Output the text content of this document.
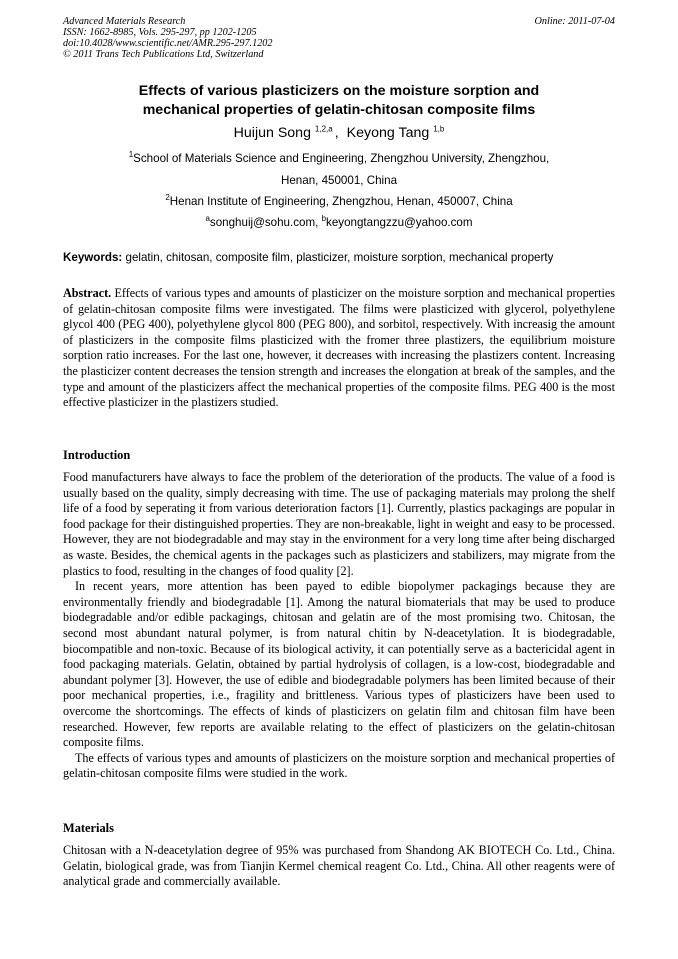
Advanced Materials Research
ISSN: 1662-8985, Vols. 295-297, pp 1202-1205
doi:10.4028/www.scientific.net/AMR.295-297.1202
© 2011 Trans Tech Publications Ltd, Switzerland
Online: 2011-07-04
Effects of various plasticizers on the moisture sorption and
mechanical properties of gelatin-chitosan composite films
Huijun Song $^{1,2,a}$ , Keyong Tang $^{1,b}$
$^1$School of Materials Science and Engineering, Zhengzhou University, Zhengzhou,
Henan, 450001, China
$^2$Henan Institute of Engineering, Zhengzhou, Henan, 450007, China
$^a$songhuij@sohu.com, $^b$keyongtangzzu@yahoo.com
Keywords: gelatin, chitosan, composite film, plasticizer, moisture sorption, mechanical property

Abstract. Effects of various types and amounts of plasticizer on the moisture sorption and mechanical properties of gelatin-chitosan composite films were investigated. The films were plasticized with glycerol, polyethylene glycol 400 (PEG 400), polyethylene glycol 800 (PEG 800), and sorbitol, respectively. With increasig the amount of plasticizers in the composite films plasticized with the fromer three plastizers, the equilibrium moisture sorption ratio increases. For the last one, however, it decreases with increasing the plastizers content. Increasing the plasticizer content decreases the tension strength and increases the elongation at break of the samples, and the type and amount of the plasticizers affect the mechanical properties of the composite films. PEG 400 is the most effective plasticizer in the plastizers studied.

Introduction

Food manufacturers have always to face the problem of the deterioration of the products. The value of a food is usually based on the quality, simply decreasing with time. The use of packaging materials may prolong the shelf life of a food by seperating it from various deterioration factors [1]. Currently, plastics packagings are popular in food package for their distinguished properties. They are non-breakable, light in weight and easy to be processed. However, they are not biodegradable and may stay in the environment for a very long time after being discharged as waste. Besides, the chemical agents in the packages such as plasticizers and stabilizers, may migrate from the plastics to food, resulting in the changes of food quality [2].

In recent years, more attention has been payed to edible biopolymer packagings because they are environmentally friendly and biodegradable [1]. Among the natural biomaterials that may be used to produce biodegradable and/or edible packagings, chitosan and gelatin are of the most promising two. Chitosan, the second most abundant natural polymer, is from natural chitin by N-deacetylation. It is biodegradable, biocompatible and non-toxic. Because of its biological activity, it can potentially serve as a bactericidal agent in food packaging materials. Gelatin, obtained by partial hydrolysis of collagen, is a low-cost, biodegradable and abundant polymer [3]. However, the use of edible and biodegradable polymers has been limited because of their poor mechanical properties, i.e., fragility and brittleness. Various types of plasticizers have been used to overcome the shortcomings. The effects of kinds of plasticizers on gelatin film and chitosan film have been researched. However, few reports are available relating to the effect of plasticizers on the gelatin-chitosan composite films.

The effects of various types and amounts of plasticizers on the moisture sorption and mechanical properties of gelatin-chitosan composite films were studied in the work.

Materials

Chitosan with a N-deacetylation degree of 95% was purchased from Shandong AK BIOTECH Co. Ltd., China. Gelatin, biological grade, was from Tianjin Kermel chemical reagent Co. Ltd., China. All other reagents were of analytical grade and commercially available.
